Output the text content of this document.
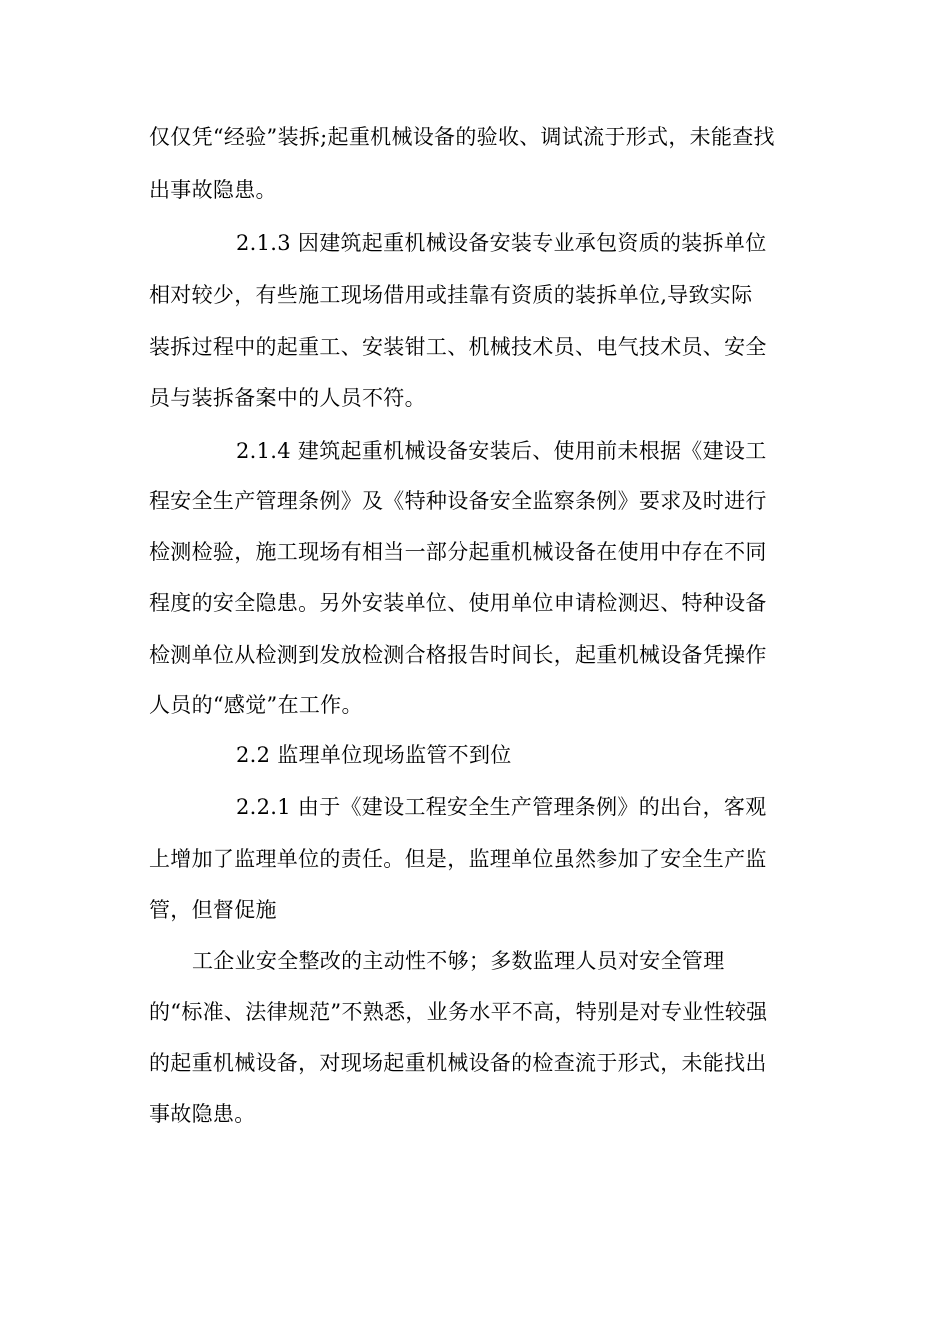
仅仅凭“经验”装拆;起重机械设备的验收、调试流于形式，未能查找
出事故隐患。
2.1.3 因建筑起重机械设备安装专业承包资质的装拆单位
相对较少，有些施工现场借用或挂靠有资质的装拆单位,导致实际
装拆过程中的起重工、安装钳工、机械技术员、电气技术员、安全
员与装拆备案中的人员不符。
2.1.4 建筑起重机械设备安装后、使用前未根据《建设工
程安全生产管理条例》及《特种设备安全监察条例》要求及时进行
检测检验，施工现场有相当一部分起重机械设备在使用中存在不同
程度的安全隐患。另外安装单位、使用单位申请检测迟、特种设备
检测单位从检测到发放检测合格报告时间长，起重机械设备凭操作
人员的“感觉”在工作。
2.2 监理单位现场监管不到位
2.2.1 由于《建设工程安全生产管理条例》的出台，客观
上增加了监理单位的责任。但是，监理单位虽然参加了安全生产监
管，但督促施
工企业安全整改的主动性不够；多数监理人员对安全管理
的“标准、法律规范”不熟悉，业务水平不高，特别是对专业性较强
的起重机械设备，对现场起重机械设备的检查流于形式，未能找出
事故隐患。
